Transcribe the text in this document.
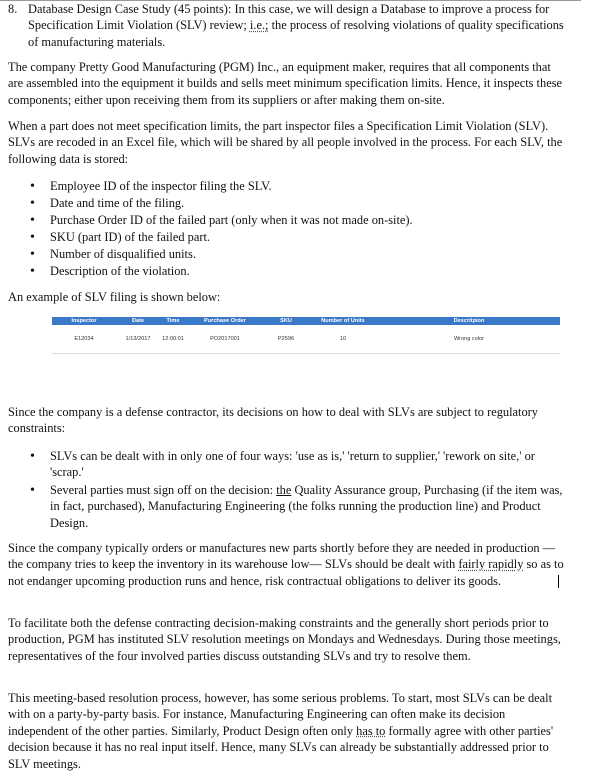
8. Database Design Case Study (45 points): In this case, we will design a Database to improve a process for Specification Limit Violation (SLV) review; i.e.; the process of resolving violations of quality specifications of manufacturing materials.

The company Pretty Good Manufacturing (PGM) Inc., an equipment maker, requires that all components that are assembled into the equipment it builds and sells meet minimum specification limits. Hence, it inspects these components; either upon receiving them from its suppliers or after making them on-site.

When a part does not meet specification limits, the part inspector files a Specification Limit Violation (SLV). SLVs are recoded in an Excel file, which will be shared by all people involved in the process. For each SLV, the following data is stored:

•
Employee ID of the inspector filing the SLV.
•
Date and time of the filing.
•
Purchase Order ID of the failed part (only when it was not made on-site).
•
SKU (part ID) of the failed part.
•
Number of disqualified units.
•
Description of the violation.

An example of SLV filing is shown below:

Inspector	Date	Time	Purchase Order	SKU	Number of Units	Descritpion
E12034	1/13/2017	12:00:01	PO2017001	P2596	10	Wrong color

Since the company is a defense contractor, its decisions on how to deal with SLVs are subject to regulatory constraints:

•
SLVs can be dealt with in only one of four ways: 'use as is,' 'return to supplier,' 'rework on site,' or 'scrap.'
•
Several parties must sign off on the decision: the Quality Assurance group, Purchasing (if the item was, in fact, purchased), Manufacturing Engineering (the folks running the production line) and Product Design.

Since the company typically orders or manufactures new parts shortly before they are needed in production —the company tries to keep the inventory in its warehouse low— SLVs should be dealt with fairly rapidly so as to not endanger upcoming production runs and hence, risk contractual obligations to deliver its goods.

To facilitate both the defense contracting decision-making constraints and the generally short periods prior to production, PGM has instituted SLV resolution meetings on Mondays and Wednesdays. During those meetings, representatives of the four involved parties discuss outstanding SLVs and try to resolve them.

This meeting-based resolution process, however, has some serious problems. To start, most SLVs can be dealt with on a party-by-party basis. For instance, Manufacturing Engineering can often make its decision independent of the other parties. Similarly, Product Design often only has to formally agree with other parties' decision because it has no real input itself. Hence, many SLVs can already be substantially addressed prior to SLV meetings.
